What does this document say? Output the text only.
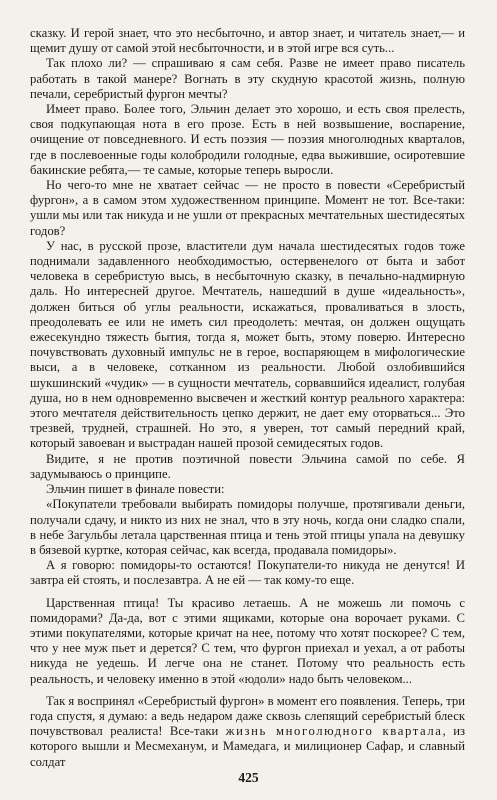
сказку. И герой знает, что это несбыточно, и автор знает, и читатель знает,— и щемит душу от самой этой несбыточности, и в этой игре вся суть...

Так плохо ли? — спрашиваю я сам себя. Разве не имеет право писатель работать в такой манере? Вогнать в эту скудную красотой жизнь, полную печали, серебристый фургон мечты?

Имеет право. Более того, Эльчин делает это хорошо, и есть своя прелесть, своя подкупающая нота в его прозе. Есть в ней возвышение, воспарение, очищение от повседневного. И есть поэзия — поэзия многолюдных кварталов, где в послевоенные годы колобродили голодные, едва выжившие, осиротевшие бакинские ребята,— те самые, которые теперь выросли.

Но чего-то мне не хватает сейчас — не просто в повести «Серебристый фургон», а в самом этом художественном принципе. Момент не тот. Все-таки: ушли мы или так никуда и не ушли от прекрасных мечтательных шестидесятых годов?

У нас, в русской прозе, властители дум начала шестидесятых годов тоже поднимали задавленного необходимостью, остервенелого от быта и забот человека в серебристую высь, в несбыточную сказку, в печально-надмирную даль. Но интересней другое. Мечтатель, нашедший в душе «идеальность», должен биться об углы реальности, искажаться, проваливаться в злость, преодолевать ее или не иметь сил преодолеть: мечтая, он должен ощущать ежесекундно тяжесть бытия, тогда я, может быть, этому поверю. Интересно почувствовать духовный импульс не в герое, воспаряющем в мифологические выси, а в человеке, сотканном из реальности. Любой озлобившийся шукшинский «чудик» — в сущности мечтатель, сорвавшийся идеалист, голубая душа, но в нем одновременно высвечен и жесткий контур реального характера: этого мечтателя действительность цепко держит, не дает ему оторваться... Это трезвей, трудней, страшней. Но это, я уверен, тот самый передний край, который завоеван и выстрадан нашей прозой семидесятых годов.

Видите, я не против поэтичной повести Эльчина самой по себе. Я задумываюсь о принципе.

Эльчин пишет в финале повести:

«Покупатели требовали выбирать помидоры получше, протягивали деньги, получали сдачу, и никто из них не знал, что в эту ночь, когда они сладко спали, в небе Загульбы летала царственная птица и тень этой птицы упала на девушку в бязевой куртке, которая сейчас, как всегда, продавала помидоры».

А я говорю: помидоры-то остаются! Покупатели-то никуда не денутся! И завтра ей стоять, и послезавтра. А не ей — так кому-то еще.

Царственная птица! Ты красиво летаешь. А не можешь ли помочь с помидорами? Да-да, вот с этими ящиками, которые она ворочает руками. С этими покупателями, которые кричат на нее, потому что хотят поскорее? С тем, что у нее муж пьет и дерется? С тем, что фургон приехал и уехал, а от работы никуда не уедешь. И легче она не станет. Потому что реальность есть реальность, и человеку именно в этой «юдоли» надо быть человеком...

Так я воспринял «Серебристый фургон» в момент его появления. Теперь, три года спустя, я думаю: а ведь недаром даже сквозь слепящий серебристый блеск почувствовал реалиста! Все-таки жизнь многолюдного квартала, из которого вышли и Месмеханум, и Мамедага, и милиционер Сафар, и славный солдат

425
